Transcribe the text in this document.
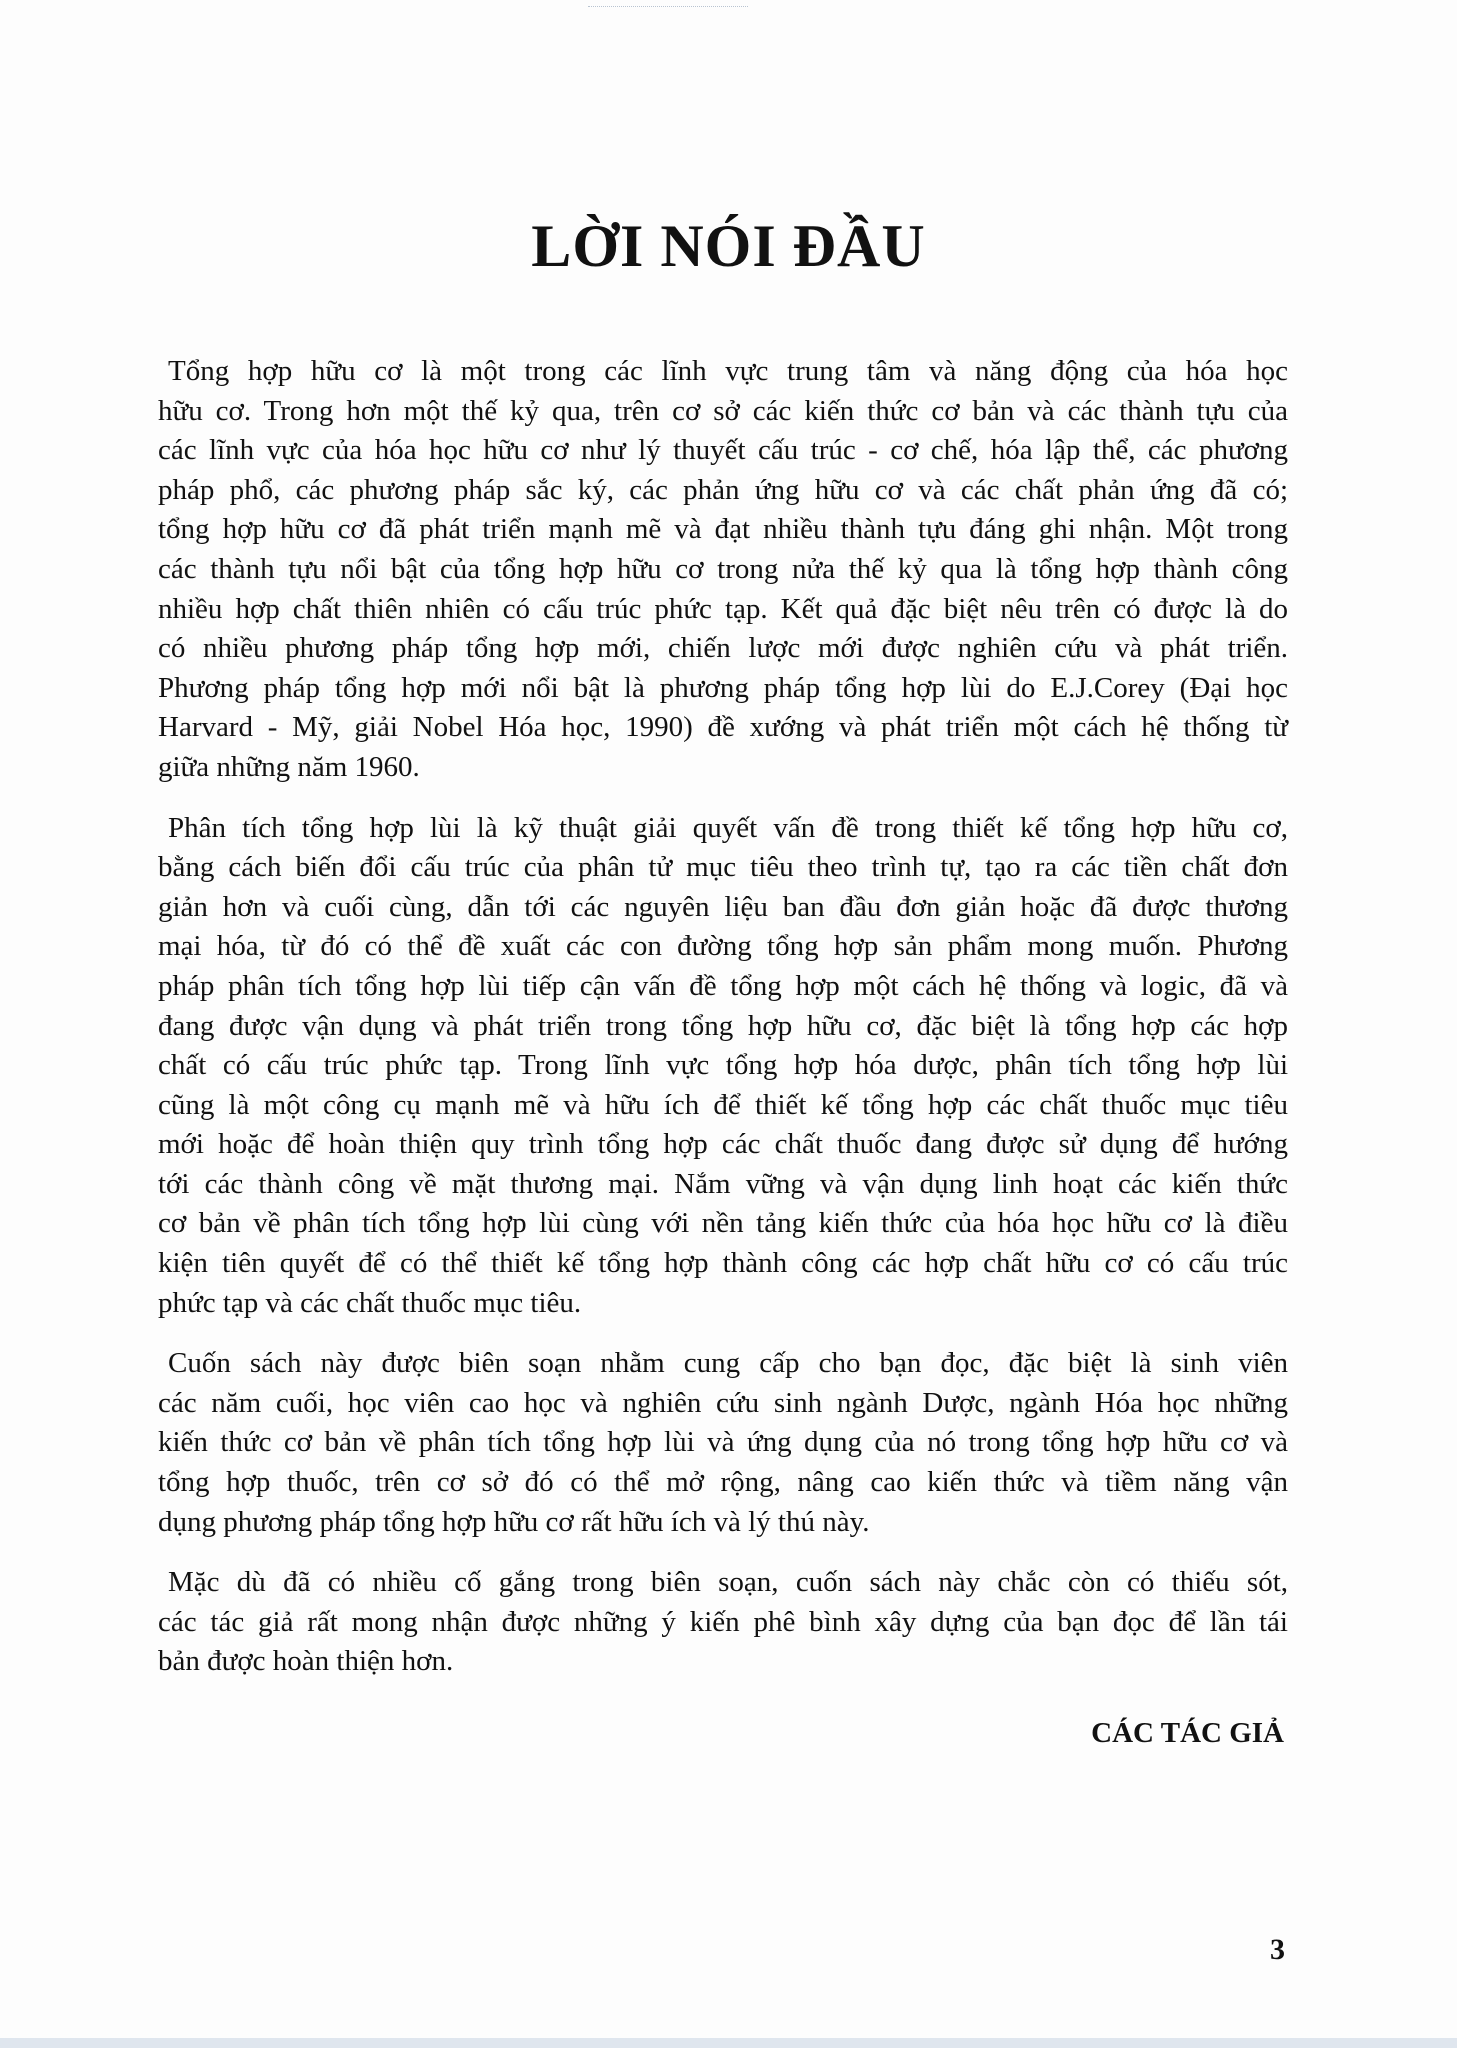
LỜI NÓI ĐẦU

Tổng hợp hữu cơ là một trong các lĩnh vực trung tâm và năng động của hóa học
hữu cơ. Trong hơn một thế kỷ qua, trên cơ sở các kiến thức cơ bản và các thành tựu của
các lĩnh vực của hóa học hữu cơ như lý thuyết cấu trúc - cơ chế, hóa lập thể, các phương
pháp phổ, các phương pháp sắc ký, các phản ứng hữu cơ và các chất phản ứng đã có;
tổng hợp hữu cơ đã phát triển mạnh mẽ và đạt nhiều thành tựu đáng ghi nhận. Một trong
các thành tựu nổi bật của tổng hợp hữu cơ trong nửa thế kỷ qua là tổng hợp thành công
nhiều hợp chất thiên nhiên có cấu trúc phức tạp. Kết quả đặc biệt nêu trên có được là do
có nhiều phương pháp tổng hợp mới, chiến lược mới được nghiên cứu và phát triển.
Phương pháp tổng hợp mới nổi bật là phương pháp tổng hợp lùi do E.J.Corey (Đại học
Harvard - Mỹ, giải Nobel Hóa học, 1990) đề xướng và phát triển một cách hệ thống từ
giữa những năm 1960.

Phân tích tổng hợp lùi là kỹ thuật giải quyết vấn đề trong thiết kế tổng hợp hữu cơ,
bằng cách biến đổi cấu trúc của phân tử mục tiêu theo trình tự, tạo ra các tiền chất đơn
giản hơn và cuối cùng, dẫn tới các nguyên liệu ban đầu đơn giản hoặc đã được thương
mại hóa, từ đó có thể đề xuất các con đường tổng hợp sản phẩm mong muốn. Phương
pháp phân tích tổng hợp lùi tiếp cận vấn đề tổng hợp một cách hệ thống và logic, đã và
đang được vận dụng và phát triển trong tổng hợp hữu cơ, đặc biệt là tổng hợp các hợp
chất có cấu trúc phức tạp. Trong lĩnh vực tổng hợp hóa dược, phân tích tổng hợp lùi
cũng là một công cụ mạnh mẽ và hữu ích để thiết kế tổng hợp các chất thuốc mục tiêu
mới hoặc để hoàn thiện quy trình tổng hợp các chất thuốc đang được sử dụng để hướng
tới các thành công về mặt thương mại. Nắm vững và vận dụng linh hoạt các kiến thức
cơ bản về phân tích tổng hợp lùi cùng với nền tảng kiến thức của hóa học hữu cơ là điều
kiện tiên quyết để có thể thiết kế tổng hợp thành công các hợp chất hữu cơ có cấu trúc
phức tạp và các chất thuốc mục tiêu.

Cuốn sách này được biên soạn nhằm cung cấp cho bạn đọc, đặc biệt là sinh viên
các năm cuối, học viên cao học và nghiên cứu sinh ngành Dược, ngành Hóa học những
kiến thức cơ bản về phân tích tổng hợp lùi và ứng dụng của nó trong tổng hợp hữu cơ và
tổng hợp thuốc, trên cơ sở đó có thể mở rộng, nâng cao kiến thức và tiềm năng vận
dụng phương pháp tổng hợp hữu cơ rất hữu ích và lý thú này.

Mặc dù đã có nhiều cố gắng trong biên soạn, cuốn sách này chắc còn có thiếu sót,
các tác giả rất mong nhận được những ý kiến phê bình xây dựng của bạn đọc để lần tái
bản được hoàn thiện hơn.

CÁC TÁC GIẢ
3
